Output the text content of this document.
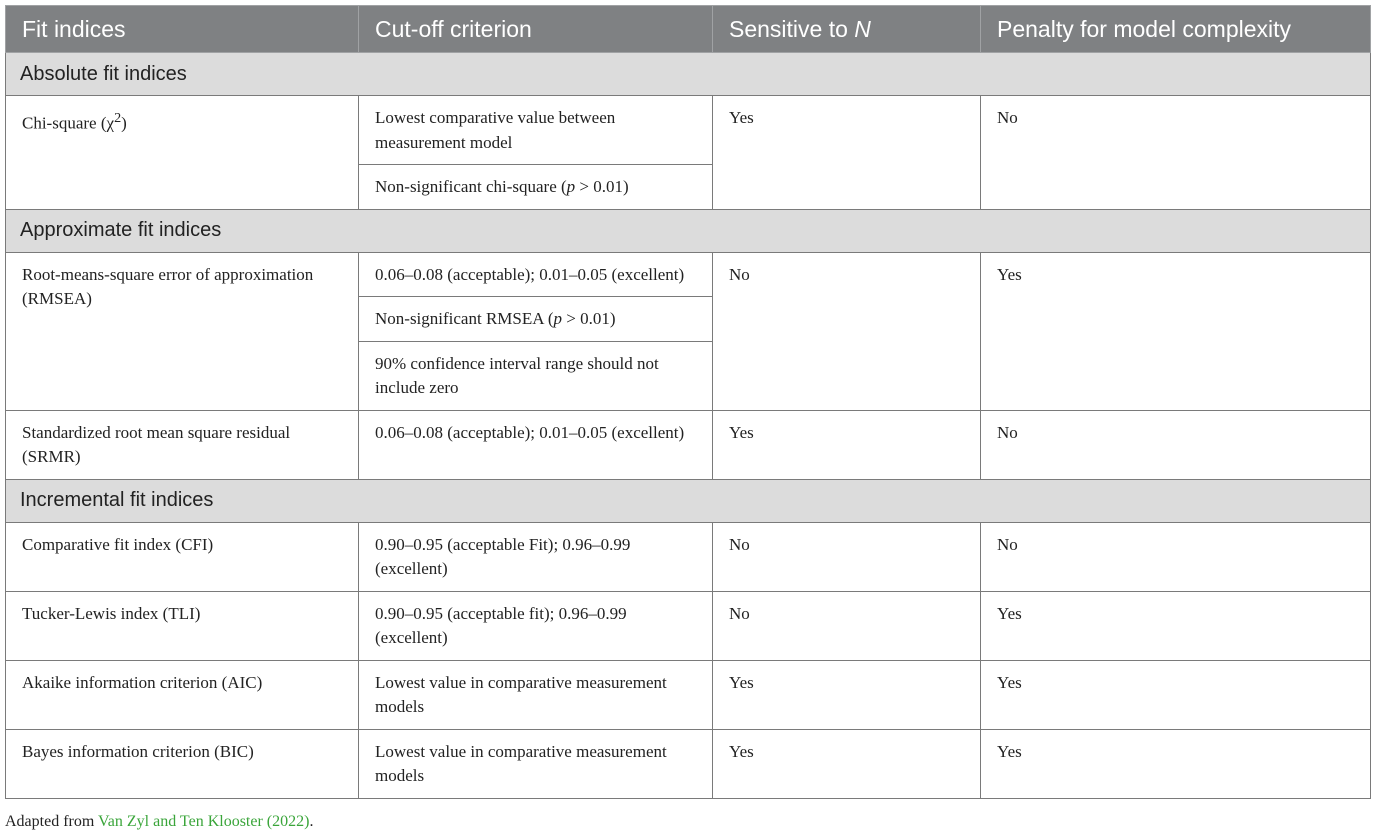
Fit indices	Cut-off criterion	Sensitive to N	Penalty for model complexity
Absolute fit indices			
Chi-square $(\chi^2)$	Lowest comparative value between measurement model	Yes	No
	Non-significant chi-square (p > 0.01)		
Approximate fit indices			
Root-means-square error of approximation (RMSEA)	0.06–0.08 (acceptable); 0.01–0.05 (excellent)	No	Yes
	Non-significant RMSEA (p > 0.01)		
	90% confidence interval range should not include zero		
Standardized root mean square residual (SRMR)	0.06–0.08 (acceptable); 0.01–0.05 (excellent)	Yes	No
Incremental fit indices			
Comparative fit index (CFI)	0.90–0.95 (acceptable Fit); 0.96–0.99 (excellent)	No	No
Tucker-Lewis index (TLI)	0.90–0.95 (acceptable fit); 0.96–0.99 (excellent)	No	Yes
Akaike information criterion (AIC)	Lowest value in comparative measurement models	Yes	Yes
Bayes information criterion (BIC)	Lowest value in comparative measurement models	Yes	Yes
Adapted from Van Zyl and Ten Klooster (2022).
